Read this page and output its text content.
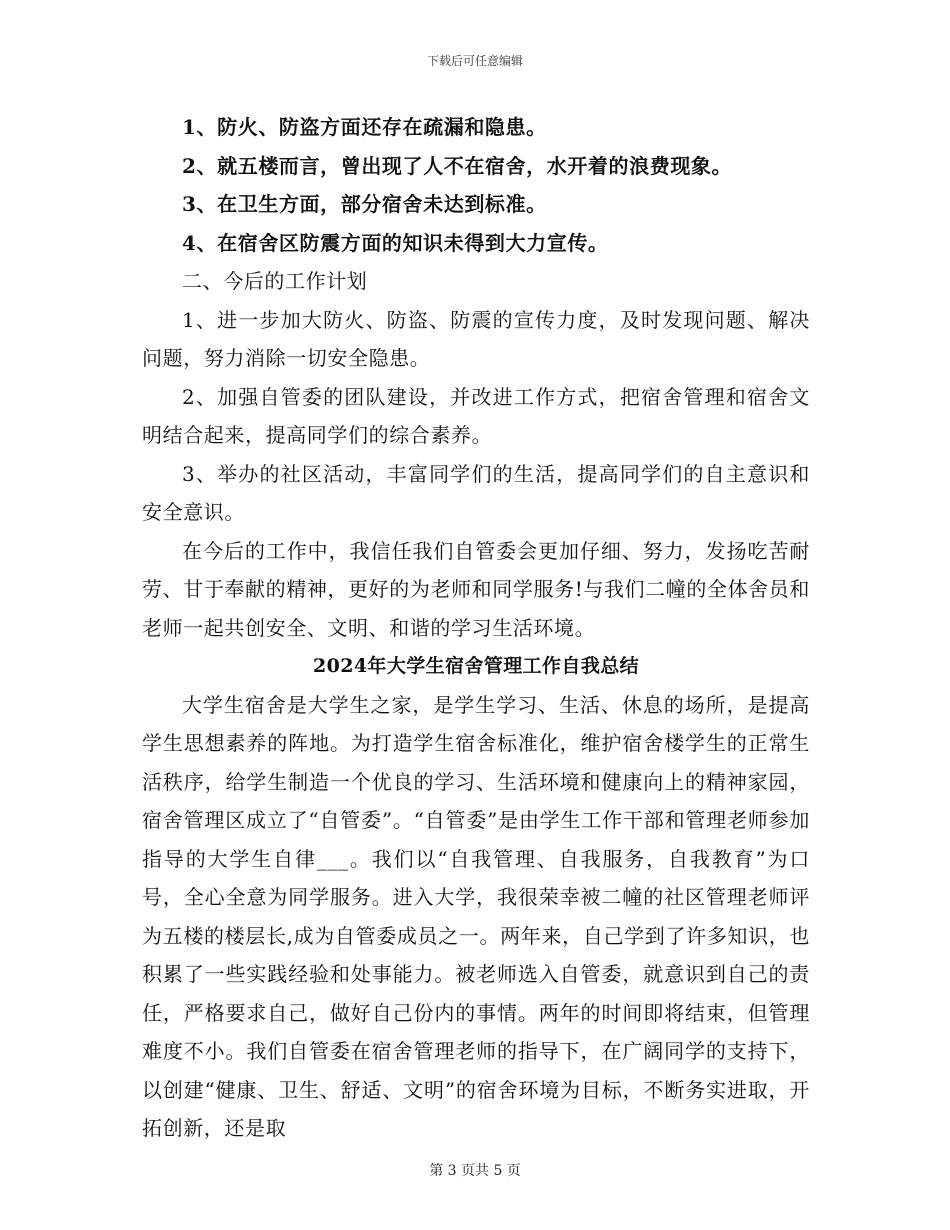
下载后可任意编辑

1、防火、防盗方面还存在疏漏和隐患。

2、就五楼而言，曾出现了人不在宿舍，水开着的浪费现象。

3、在卫生方面，部分宿舍未达到标准。

4、在宿舍区防震方面的知识未得到大力宣传。

二、今后的工作计划

1、进一步加大防火、防盗、防震的宣传力度，及时发现问题、解决问题，努力消除一切安全隐患。

2、加强自管委的团队建设，并改进工作方式，把宿舍管理和宿舍文明结合起来，提高同学们的综合素养。

3、举办的社区活动，丰富同学们的生活，提高同学们的自主意识和安全意识。

在今后的工作中，我信任我们自管委会更加仔细、努力，发扬吃苦耐劳、甘于奉献的精神，更好的为老师和同学服务!与我们二幢的全体舍员和老师一起共创安全、文明、和谐的学习生活环境。

2024年大学生宿舍管理工作自我总结

大学生宿舍是大学生之家，是学生学习、生活、休息的场所，是提高学生思想素养的阵地。为打造学生宿舍标准化，维护宿舍楼学生的正常生活秩序，给学生制造一个优良的学习、生活环境和健康向上的精神家园，宿舍管理区成立了“自管委”。“自管委”是由学生工作干部和管理老师参加指导的大学生自律___。我们以“自我管理、自我服务，自我教育”为口号，全心全意为同学服务。进入大学，我很荣幸被二幢的社区管理老师评为五楼的楼层长,成为自管委成员之一。两年来，自己学到了许多知识，也积累了一些实践经验和处事能力。被老师选入自管委，就意识到自己的责任，严格要求自己，做好自己份内的事情。两年的时间即将结束，但管理难度不小。我们自管委在宿舍管理老师的指导下，在广阔同学的支持下，以创建“健康、卫生、舒适、文明”的宿舍环境为目标，不断务实进取，开拓创新，还是取

第 3 页共 5 页
